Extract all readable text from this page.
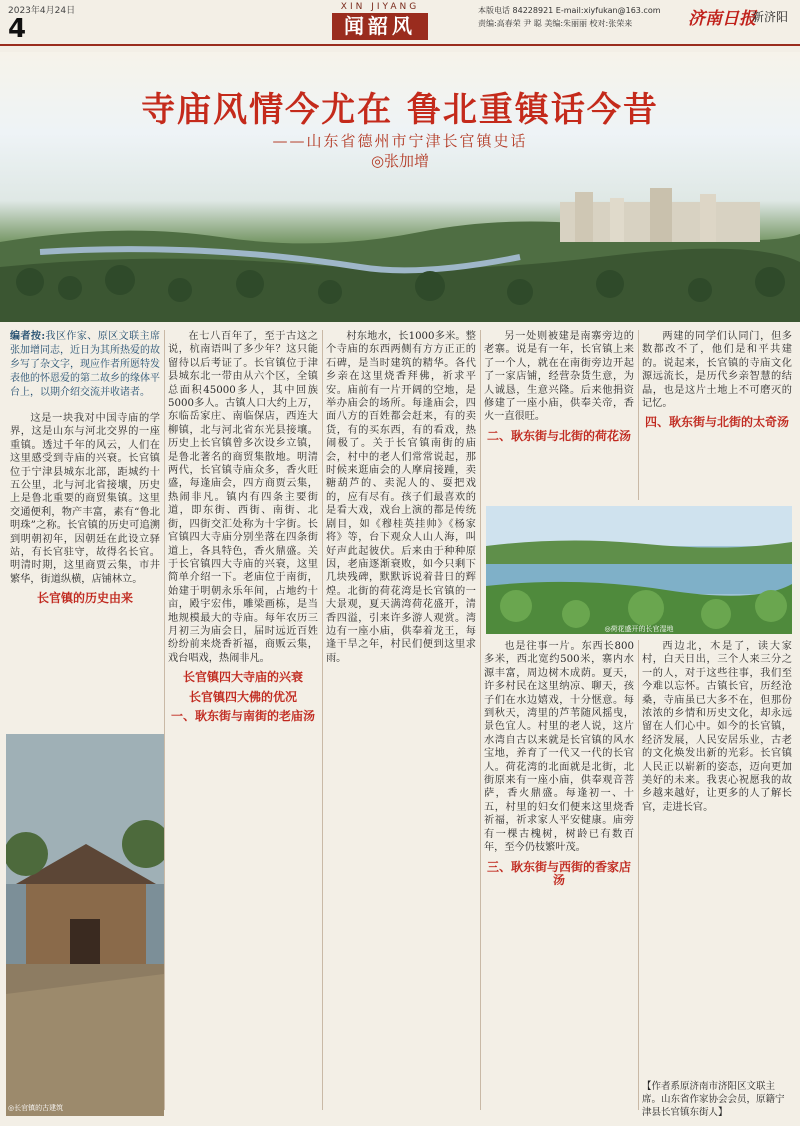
2023年4月24日
4
XIN JIYANG
闻韶风
本版电话 84228921 E-mail:xiyfukan@163.com
责编:高春荣 尹 聪 美编:朱丽丽 校对:张荣来	济南日报
新济阳
寺庙风情今尤在 鲁北重镇话今昔
——山东省德州市宁津长官镇史话
◎张加增
编者按:我区作家、原区文联主席张加增同志，近日为其所热爱的故乡写了杂文字，现应作者所愿特发表他的怀恩爱的第二故乡的缘体平台上，以期介绍交流并收诸者。

这是一块我对中国寺庙的学界，这是山东与河北交界的一座重镇。透过千年的风云，人们在这里感受到寺庙的兴衰。长官镇位于宁津县城东北部，距城约十五公里，北与河北省接壤，历史上是鲁北重要的商贸集镇。这里交通便利，物产丰富，素有“鲁北明珠”之称。长官镇的历史可追溯到明朝初年，因朝廷在此设立驿站，有长官驻守，故得名长官。明清时期，这里商贾云集，市井繁华，街道纵横，店铺林立。

长官镇的历史由来
◎长官镇的古建筑

在七八百年了，至于古这之说，杭南语叫了多少年？这只能留待以后考证了。长官镇位于津县城东北一带由从六个区，全镇总面积45000多人，其中回族5000多人。古镇人口大约上万，东临岳家庄、南临保店，西连大柳镇，北与河北省东光县接壤。历史上长官镇曾多次设乡立镇，是鲁北著名的商贸集散地。明清两代，长官镇寺庙众多，香火旺盛，每逢庙会，四方商贾云集，热闹非凡。镇内有四条主要街道，即东街、西街、南街、北街，四街交汇处称为十字街。长官镇四大寺庙分别坐落在四条街道上，各具特色，香火鼎盛。关于长官镇四大寺庙的兴衰，这里简单介绍一下。老庙位于南街，始建于明朝永乐年间，占地约十亩，殿宇宏伟，雕梁画栋，是当地规模最大的寺庙。每年农历三月初三为庙会日，届时远近百姓纷纷前来烧香祈福，商贩云集，戏台唱戏，热闹非凡。

长官镇四大寺庙的兴衰
长官镇四大佛的优况
一、耿东街与南街的老庙汤

村东地水，长1000多米。整个寺庙的东西两侧有方方正正的石碑，是当时建筑的精华。各代乡亲在这里烧香拜佛，祈求平安。庙前有一片开阔的空地，是举办庙会的场所。每逢庙会，四面八方的百姓都会赶来，有的卖货，有的买东西，有的看戏，热闹极了。关于长官镇南街的庙会，村中的老人们常常说起，那时候来逛庙会的人摩肩接踵，卖糖葫芦的、卖泥人的、耍把戏的，应有尽有。孩子们最喜欢的是看大戏，戏台上演的都是传统剧目，如《穆桂英挂帅》《杨家将》等，台下观众人山人海，叫好声此起彼伏。后来由于种种原因，老庙逐渐衰败，如今只剩下几块残碑，默默诉说着昔日的辉煌。北街的荷花湾是长官镇的一大景观，夏天满湾荷花盛开，清香四溢，引来许多游人观赏。湾边有一座小庙，供奉着龙王，每逢干旱之年，村民们便到这里求雨。

另一处则被建是南寨旁边的老寨。说是有一年，长官镇上来了一个人，就在在南街旁边开起了一家店铺，经营杂货生意，为人诚恳，生意兴隆。后来他捐资修建了一座小庙，供奉关帝，香火一直很旺。

二、耿东街与北街的荷花汤

两建的同学们认同门，但多数都改不了，他们是和平共建的。说起来，长官镇的寺庙文化源远流长，是历代乡亲智慧的结晶，也是这片土地上不可磨灭的记忆。

四、耿东街与北街的太奇汤
◎荷花盛开的长官湿地

也是往事一片。东西长800多米，西北宽约500米，寨内水源丰富，周边树木成荫。夏天，许多村民在这里纳凉、聊天，孩子们在水边嬉戏，十分惬意。每到秋天，湾里的芦苇随风摇曳，景色宜人。村里的老人说，这片水湾自古以来就是长官镇的风水宝地，养育了一代又一代的长官人。荷花湾的北面就是北街，北街原来有一座小庙，供奉观音菩萨，香火鼎盛。每逢初一、十五，村里的妇女们便来这里烧香祈福，祈求家人平安健康。庙旁有一棵古槐树，树龄已有数百年，至今仍枝繁叶茂。

三、耿东街与西街的香家店汤

西边北，木是了，读大家村，白天日出，三个人来三分之一的人，对于这些往事，我们至今难以忘怀。古镇长官，历经沧桑，寺庙虽已大多不在，但那份浓浓的乡情和历史文化，却永远留在人们心中。如今的长官镇，经济发展，人民安居乐业，古老的文化焕发出新的光彩。长官镇人民正以崭新的姿态，迈向更加美好的未来。我衷心祝愿我的故乡越来越好，让更多的人了解长官，走进长官。

【作者系原济南市济阳区文联主席。山东省作家协会会员，原籍宁津县长官镇东街人】
